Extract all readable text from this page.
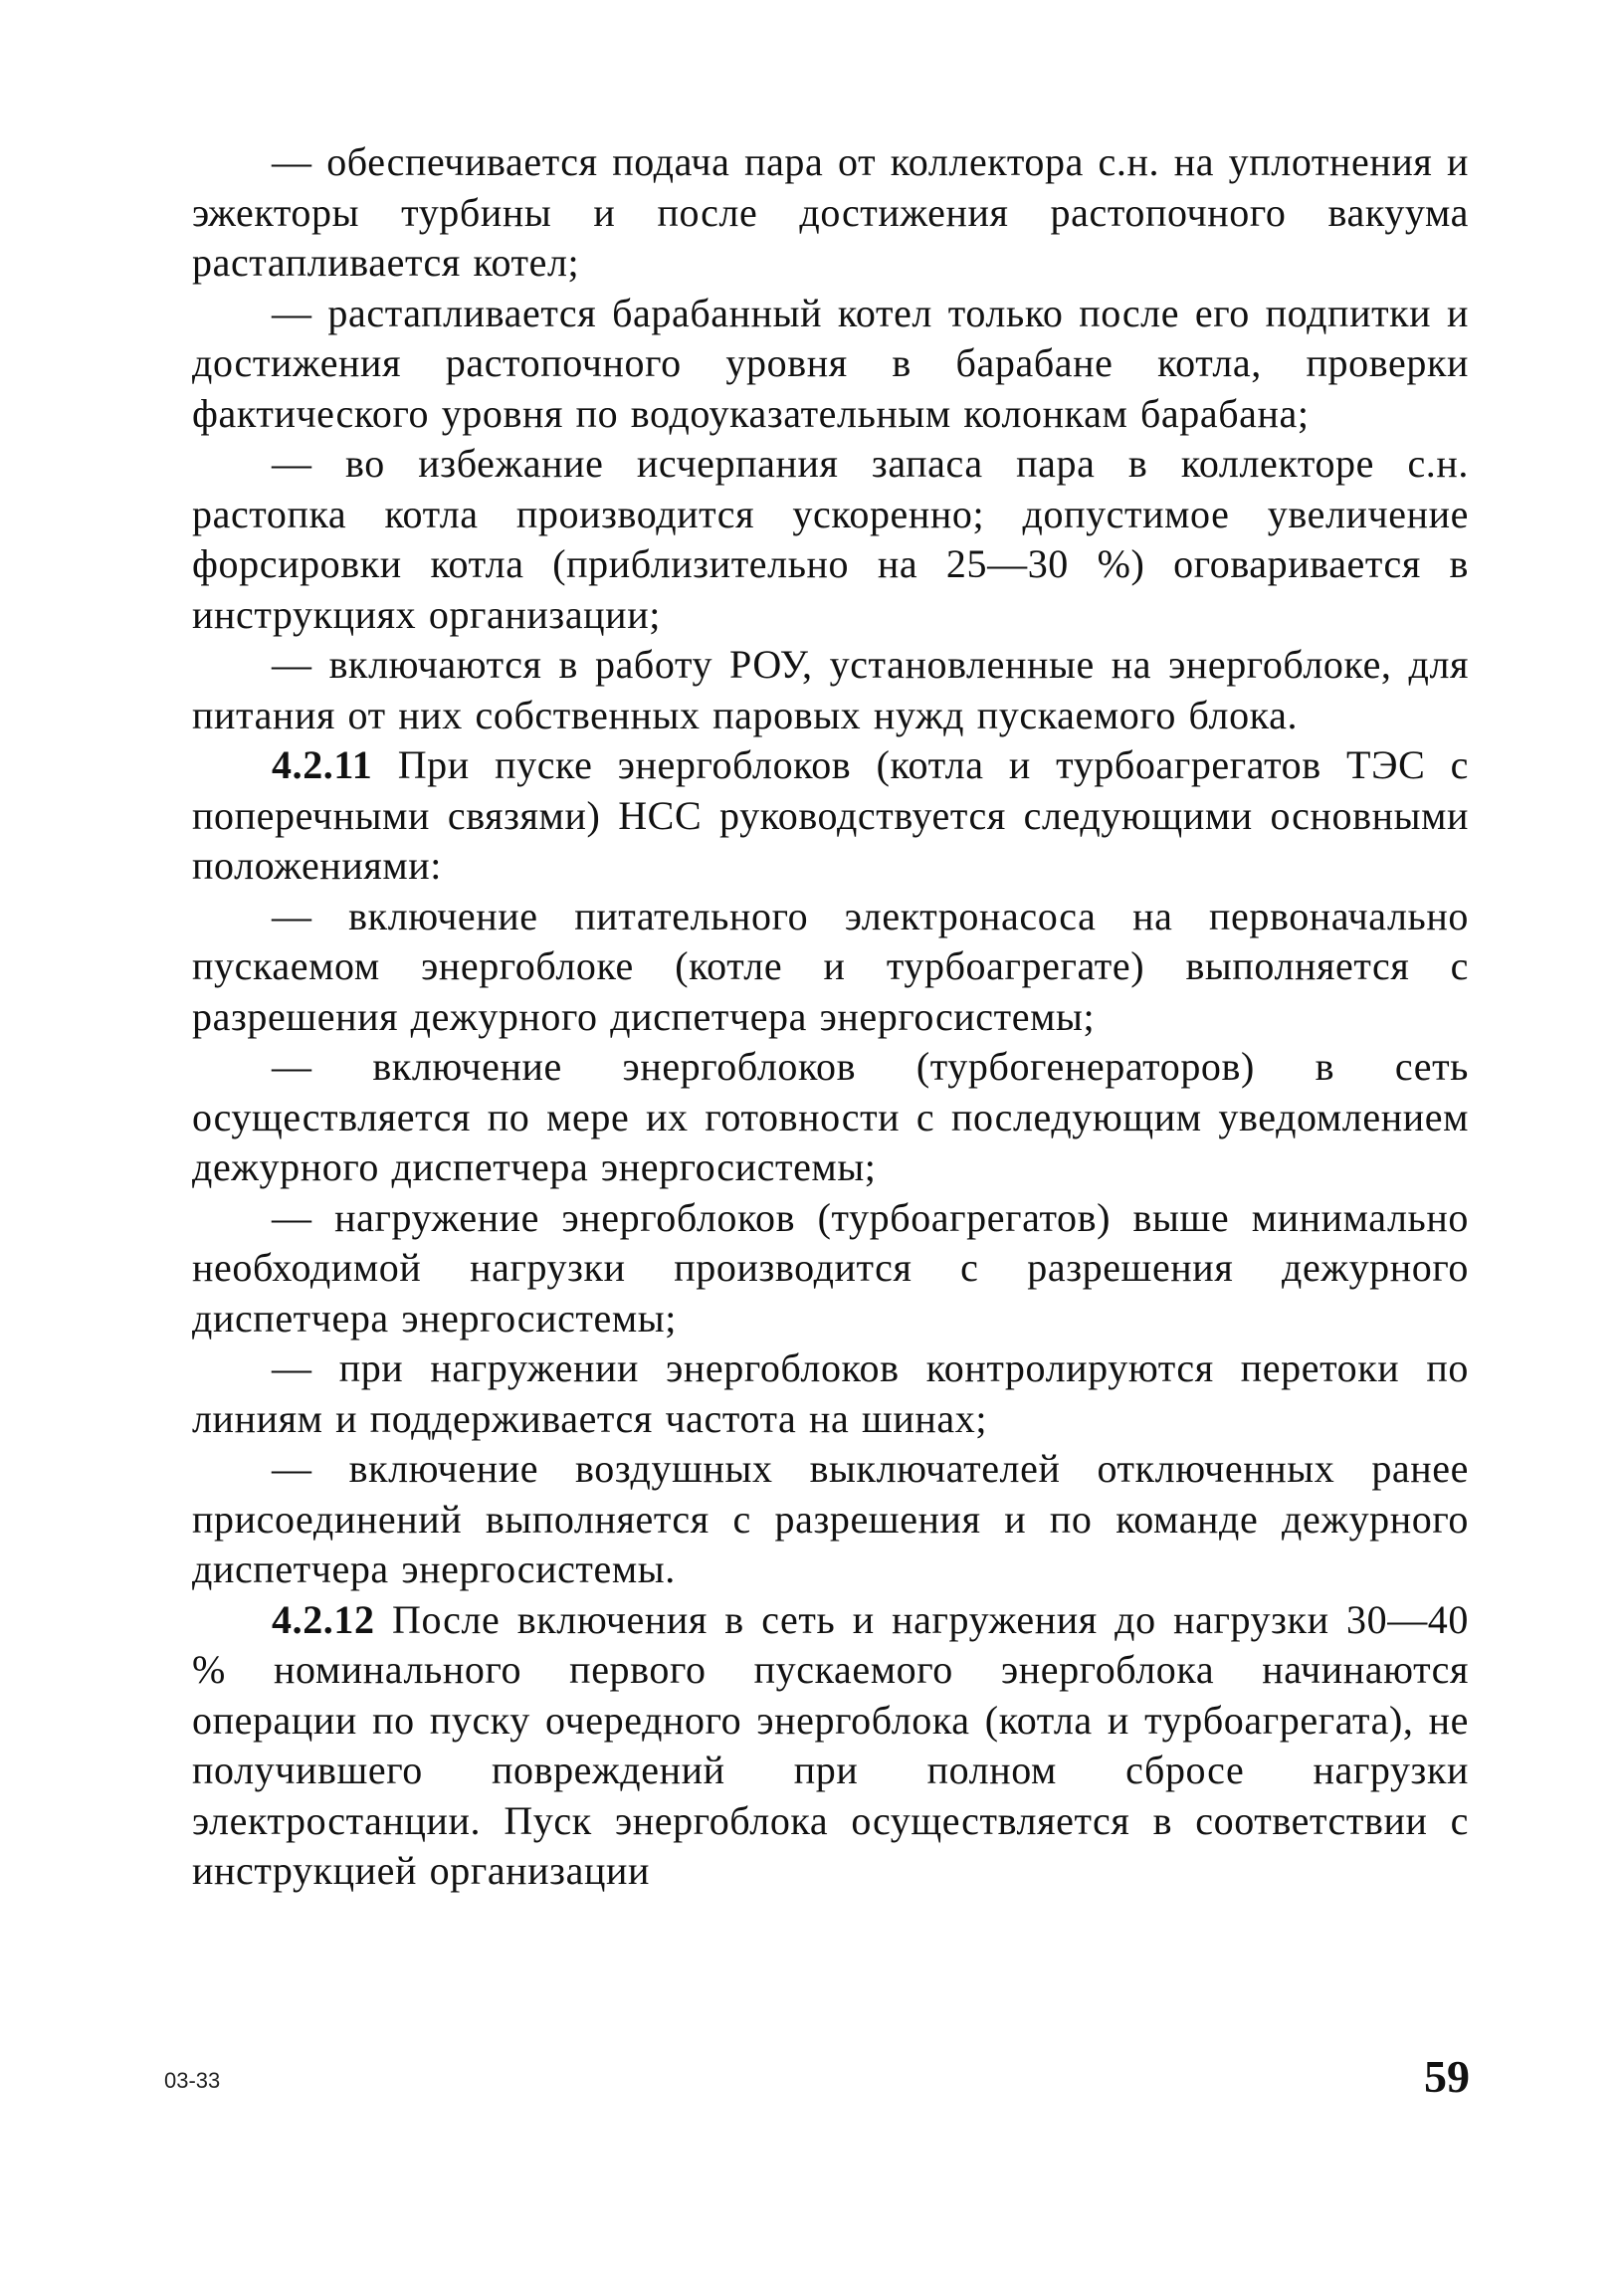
— обеспечивается подача пара от коллектора с.н. на уплотнения и эжекторы турбины и после достижения растопочного вакуума растапливается котел;

— растапливается барабанный котел только после его подпитки и достижения растопочного уровня в барабане котла, проверки фактического уровня по водоуказательным колонкам барабана;

— во избежание исчерпания запаса пара в коллекторе с.н. растопка котла производится ускоренно; допустимое увеличение форсировки котла (приблизительно на 25—30 %) оговаривается в инструкциях организации;

— включаются в работу РОУ, установленные на энергоблоке, для питания от них собственных паровых нужд пускаемого блока.

4.2.11 При пуске энергоблоков (котла и турбоагрегатов ТЭС с поперечными связями) НСС руководствуется следующими основными положениями:

— включение питательного электронасоса на первоначально пускаемом энергоблоке (котле и турбоагрегате) выполняется с разрешения дежурного диспетчера энергосистемы;

— включение энергоблоков (турбогенераторов) в сеть осуществляется по мере их готовности с последующим уведомлением дежурного диспетчера энергосистемы;

— нагружение энергоблоков (турбоагрегатов) выше минимально необходимой нагрузки производится с разрешения дежурного диспетчера энергосистемы;

— при нагружении энергоблоков контролируются перетоки по линиям и поддерживается частота на шинах;

— включение воздушных выключателей отключенных ранее присоединений выполняется с разрешения и по команде дежурного диспетчера энергосистемы.

4.2.12 После включения в сеть и нагружения до нагрузки 30—40 % номинального первого пускаемого энергоблока начинаются операции по пуску очередного энергоблока (котла и турбоагрегата), не получившего повреждений при полном сбросе нагрузки электростанции. Пуск энергоблока осуществляется в соответствии с инструкцией организации

03-33	59
